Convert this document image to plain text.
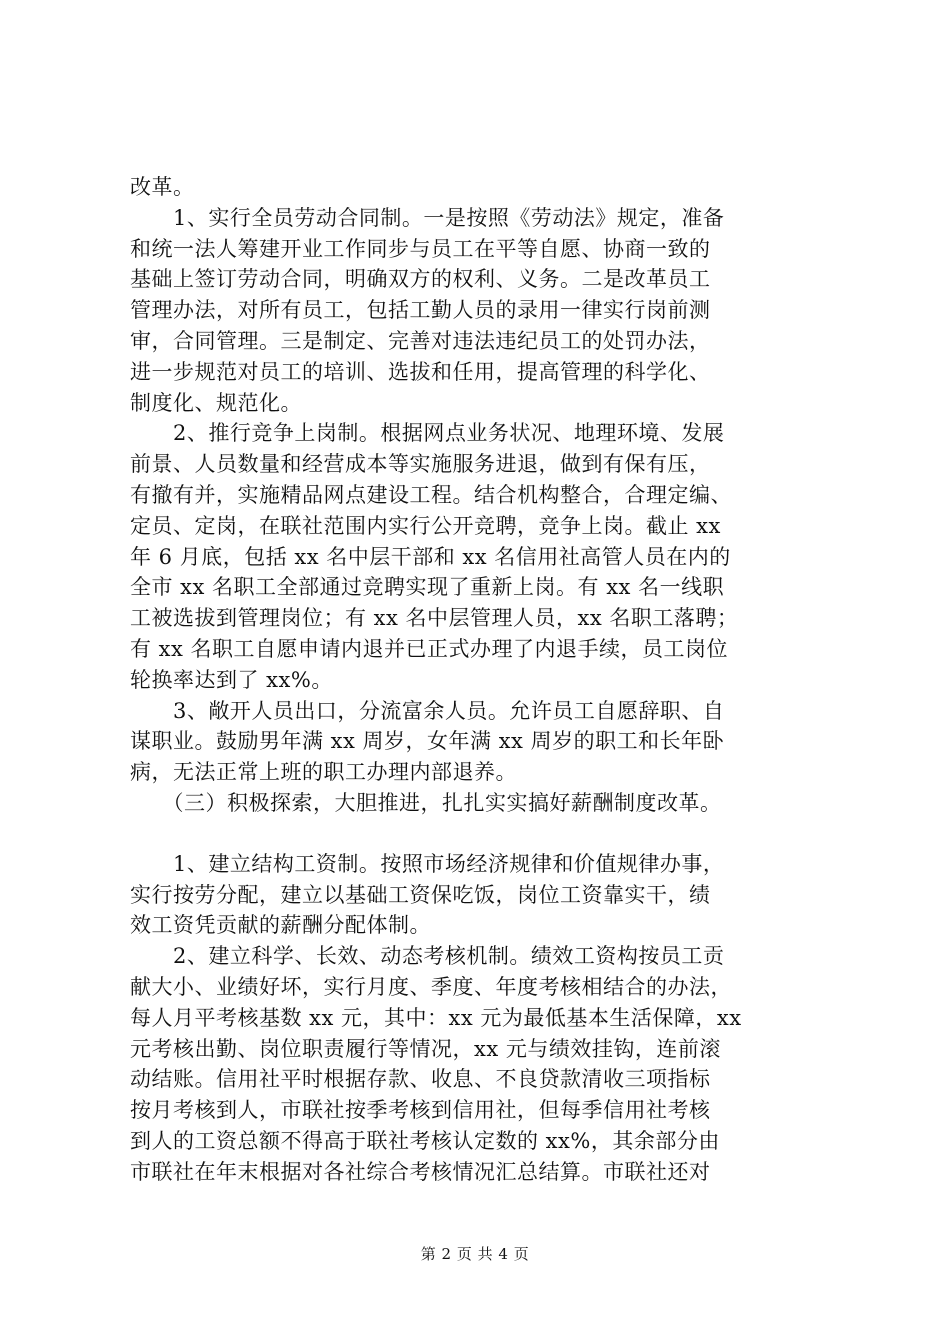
改革。
　　1、实行全员劳动合同制。一是按照《劳动法》规定，准备
和统一法人筹建开业工作同步与员工在平等自愿、协商一致的
基础上签订劳动合同，明确双方的权利、义务。二是改革员工
管理办法，对所有员工，包括工勤人员的录用一律实行岗前测
审，合同管理。三是制定、完善对违法违纪员工的处罚办法，
进一步规范对员工的培训、选拔和任用，提高管理的科学化、
制度化、规范化。
　　2、推行竞争上岗制。根据网点业务状况、地理环境、发展
前景、人员数量和经营成本等实施服务进退，做到有保有压，
有撤有并，实施精品网点建设工程。结合机构整合，合理定编、
定员、定岗，在联社范围内实行公开竞聘，竞争上岗。截止 xx
年 6 月底，包括 xx 名中层干部和 xx 名信用社高管人员在内的
全市 xx 名职工全部通过竞聘实现了重新上岗。有 xx 名一线职
工被选拔到管理岗位；有 xx 名中层管理人员，xx 名职工落聘；
有 xx 名职工自愿申请内退并已正式办理了内退手续，员工岗位
轮换率达到了 xx%。
　　3、敞开人员出口，分流富余人员。允许员工自愿辞职、自
谋职业。鼓励男年满 xx 周岁，女年满 xx 周岁的职工和长年卧
病，无法正常上班的职工办理内部退养。
　　（三）积极探索，大胆推进，扎扎实实搞好薪酬制度改革。
　　1、建立结构工资制。按照市场经济规律和价值规律办事，
实行按劳分配，建立以基础工资保吃饭，岗位工资靠实干，绩
效工资凭贡献的薪酬分配体制。
　　2、建立科学、长效、动态考核机制。绩效工资构按员工贡
献大小、业绩好坏，实行月度、季度、年度考核相结合的办法，
每人月平考核基数 xx 元，其中：xx 元为最低基本生活保障，xx
元考核出勤、岗位职责履行等情况，xx 元与绩效挂钩，连前滚
动结账。信用社平时根据存款、收息、不良贷款清收三项指标
按月考核到人，市联社按季考核到信用社，但每季信用社考核
到人的工资总额不得高于联社考核认定数的 xx%，其余部分由
市联社在年末根据对各社综合考核情况汇总结算。市联社还对
第 2 页 共 4 页
